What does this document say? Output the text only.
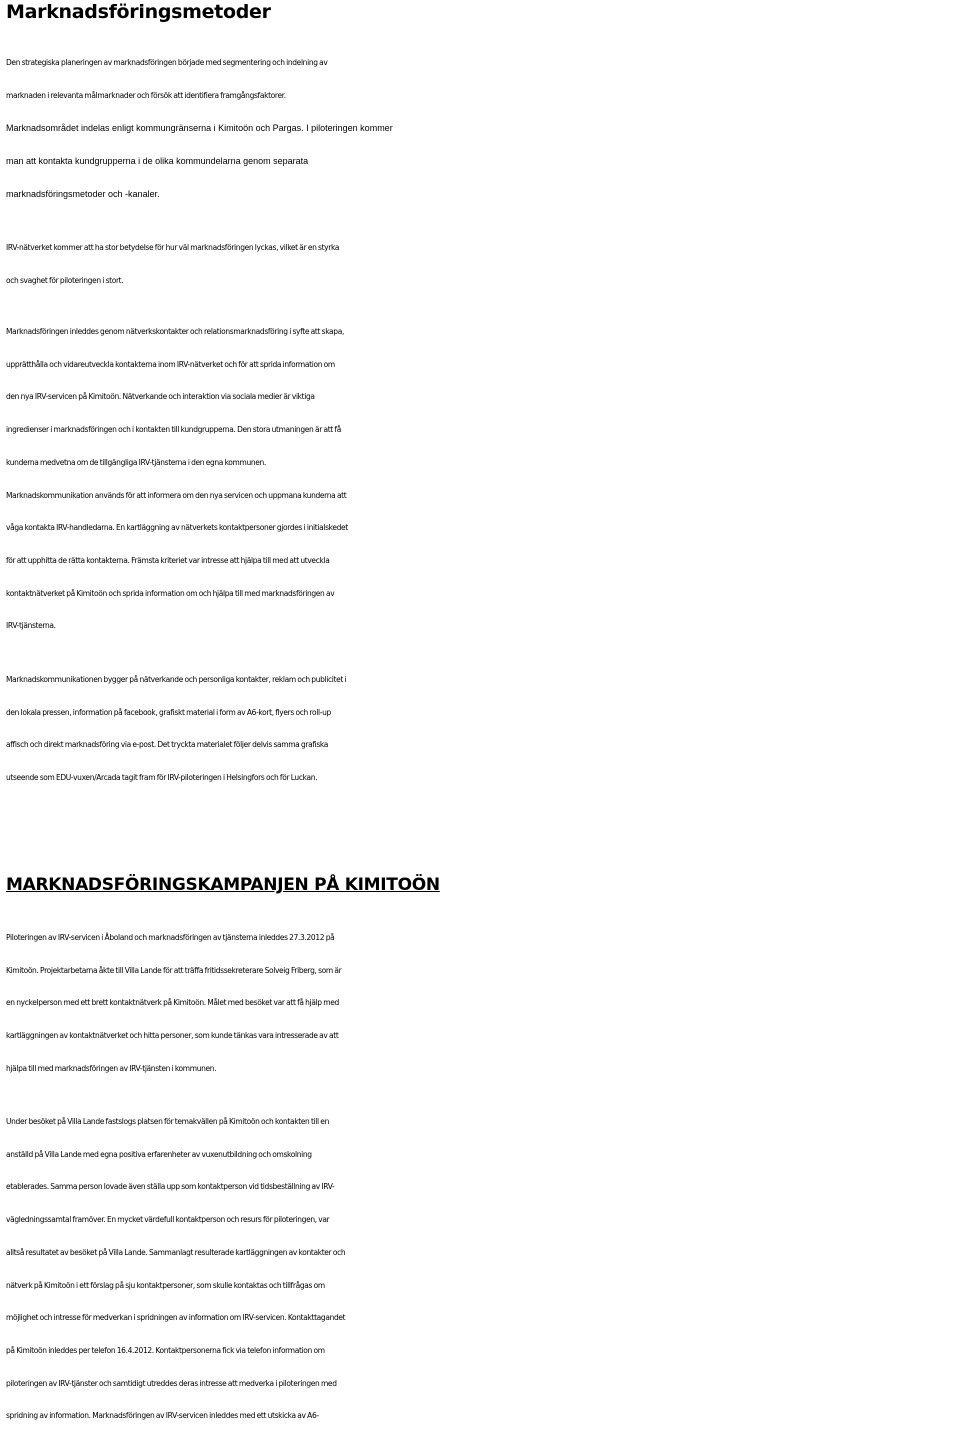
Marknadsföringsmetoder
Den strategiska planeringen av marknadsföringen började med segmentering och indelning av
marknaden i relevanta målmarknader och försök att identifiera framgångsfaktorer.
Marknadsområdet indelas enligt kommungränserna i Kimitoön och Pargas. I piloteringen kommer
man att kontakta kundgrupperna i de olika kommundelarna genom separata
marknadsföringsmetoder och -kanaler.
IRV-nätverket kommer att ha stor betydelse för hur väl marknadsföringen lyckas, vilket är en styrka
och svaghet för piloteringen i stort.
Marknadsföringen inleddes genom nätverkskontakter och relationsmarknadsföring i syfte att skapa,
upprätthålla och vidareutveckla kontakterna inom IRV-nätverket och för att sprida information om
den nya IRV-servicen på Kimitoön. Nätverkande och interaktion via sociala medier är viktiga
ingredienser i marknadsföringen och i kontakten till kundgrupperna. Den stora utmaningen är att få
kunderna medvetna om de tillgängliga IRV-tjänsterna i den egna kommunen.
Marknadskommunikation används för att informera om den nya servicen och uppmana kunderna att
våga kontakta IRV-handledarna. En kartläggning av nätverkets kontaktpersoner gjordes i initialskedet
för att upphitta de rätta kontakterna. Främsta kriteriet var intresse att hjälpa till med att utveckla
kontaktnätverket på Kimitoön och sprida information om och hjälpa till med marknadsföringen av
IRV-tjänsterna.
Marknadskommunikationen bygger på nätverkande och personliga kontakter, reklam och publicitet i
den lokala pressen, information på facebook, grafiskt material i form av A6-kort, flyers och roll-up
affisch och direkt marknadsföring via e-post. Det tryckta materialet följer delvis samma grafiska
utseende som EDU-vuxen/Arcada tagit fram för IRV-piloteringen i Helsingfors och för Luckan.
MARKNADSFÖRINGSKAMPANJEN PÅ KIMITOÖN
Piloteringen av IRV-servicen i Åboland och marknadsföringen av tjänsterna inleddes 27.3.2012 på
Kimitoön. Projektarbetarna åkte till Villa Lande för att träffa fritidssekreterare Solveig Friberg, som är
en nyckelperson med ett brett kontaktnätverk på Kimitoön. Målet med besöket var att få hjälp med
kartläggningen av kontaktnätverket och hitta personer, som kunde tänkas vara intresserade av att
hjälpa till med marknadsföringen av IRV-tjänsten i kommunen.
Under besöket på Villa Lande fastslogs platsen för temakvällen på Kimitoön och kontakten till en
anställd på Villa Lande med egna positiva erfarenheter av vuxenutbildning och omskolning
etablerades. Samma person lovade även ställa upp som kontaktperson vid tidsbeställning av IRV-
vägledningssamtal framöver. En mycket värdefull kontaktperson och resurs för piloteringen, var
alltså resultatet av besöket på Villa Lande. Sammanlagt resulterade kartläggningen av kontakter och
nätverk på Kimitoön i ett förslag på sju kontaktpersoner, som skulle kontaktas och tillfrågas om
möjlighet och intresse för medverkan i spridningen av information om IRV-servicen. Kontakttagandet
på Kimitoön inleddes per telefon 16.4.2012. Kontaktpersonerna fick via telefon information om
piloteringen av IRV-tjänster och samtidigt utreddes deras intresse att medverka i piloteringen med
spridning av information. Marknadsföringen av IRV-servicen inleddes med ett utskicka av A6-
